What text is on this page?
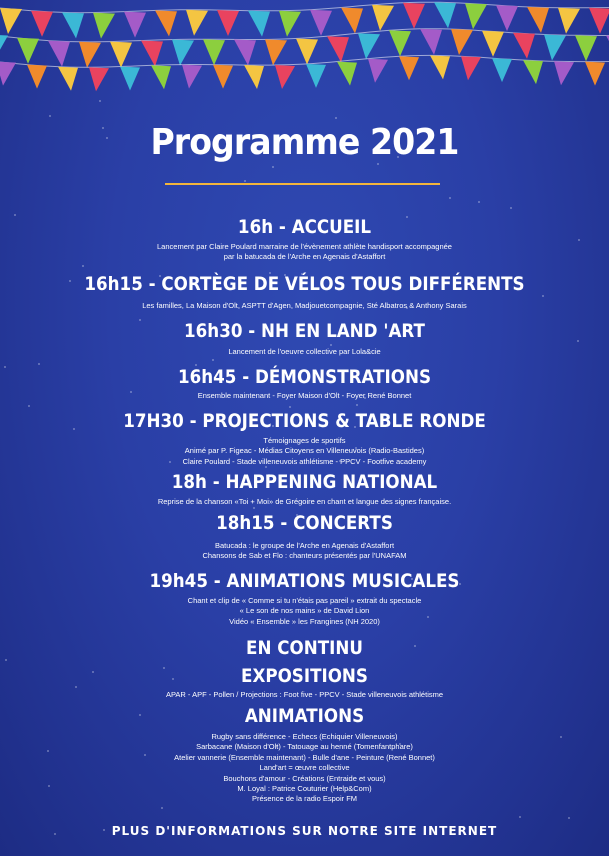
Programme 2021
16h - ACCUEIL
Lancement par Claire Poulard marraine de l'évènement athlète handisport accompagnée
par la batucada de l'Arche en Agenais d'Astaffort
16h15 - CORTÈGE DE VÉLOS TOUS DIFFÉRENTS
Les familles, La Maison d'Olt, ASPTT d'Agen, Madjouetcompagnie, Sté Albatros & Anthony Sarais
16h30 - NH EN LAND 'ART
Lancement de l'oeuvre collective par Lola&cie
16h45 - DÉMONSTRATIONS
Ensemble maintenant - Foyer Maison d'Olt - Foyer René Bonnet
17H30 - PROJECTIONS & TABLE RONDE
Témoignages de sportifs
Animé par P. Figeac - Médias Citoyens en Villeneuvois (Radio-Bastides)
Claire Poulard - Stade villeneuvois athlétisme - PPCV - Footfive academy
18h - HAPPENING NATIONAL
Reprise de la chanson «Toi + Moi» de Grégoire en chant et langue des signes française.
18h15 - CONCERTS
Batucada : le groupe de l'Arche en Agenais d'Astaffort
Chansons de Sab et Flo : chanteurs présentés par l'UNAFAM
19h45 - ANIMATIONS MUSICALES
Chant et clip de « Comme si tu n'étais pas pareil » extrait du spectacle
« Le son de nos mains » de David Lion
Vidéo « Ensemble » les Frangines (NH 2020)
EN CONTINU
EXPOSITIONS
APAR - APF - Pollen / Projections : Foot five - PPCV - Stade villeneuvois athlétisme
ANIMATIONS
Rugby sans différence - Echecs (Echiquier Villeneuvois)
Sarbacane (Maison d'Olt) - Tatouage au henné (Tomenfantphare)
Atelier vannerie (Ensemble maintenant) - Bulle d'ane - Peinture (René Bonnet)
Land'art = œuvre collective
Bouchons d'amour - Créations (Entraide et vous)
M. Loyal : Patrice Couturier (Help&Com)
Présence de la radio Espoir FM
PLUS D'INFORMATIONS SUR NOTRE SITE INTERNET
